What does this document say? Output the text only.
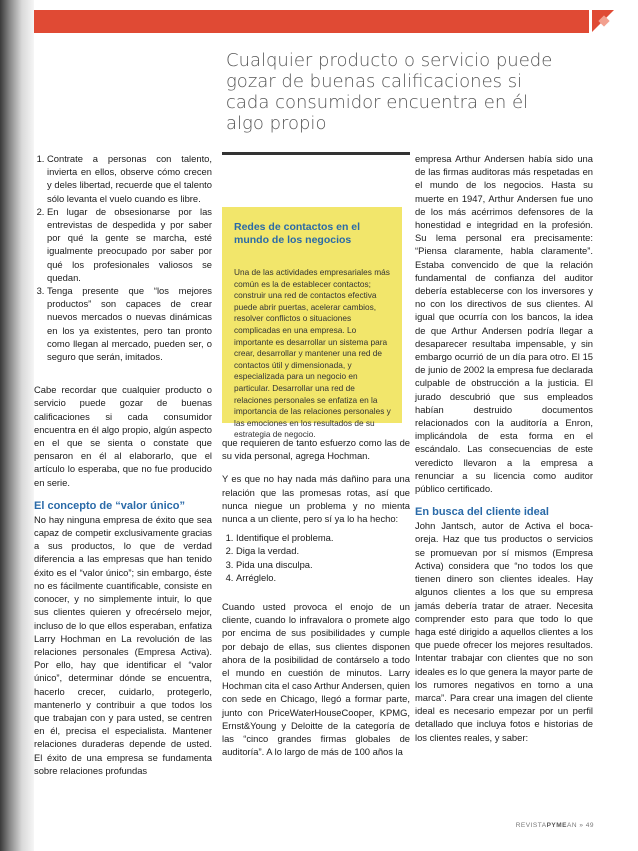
Cualquier producto o servicio puede gozar de buenas calificaciones si cada consumidor encuentra en él algo propio
1. Contrate a personas con talento, invierta en ellos, observe cómo crecen y deles libertad, recuerde que el talento sólo levanta el vuelo cuando es libre.
2. En lugar de obsesionarse por las entrevistas de despedida y por saber por qué la gente se marcha, esté igualmente preocupado por saber por qué los profesionales valiosos se quedan.
3. Tenga presente que “los mejores productos” son capaces de crear nuevos mercados o nuevas dinámicas en los ya existentes, pero tan pronto como llegan al mercado, pueden ser, o seguro que serán, imitados.

Cabe recordar que cualquier producto o servicio puede gozar de buenas calificaciones si cada consumidor encuentra en él algo propio, algún aspecto en el que se sienta o constate que pensaron en él al elaborarlo, que el artículo lo esperaba, que no fue producido en serie.

El concepto de “valor único”

No hay ninguna empresa de éxito que sea capaz de competir exclusivamente gracias a sus productos, lo que de verdad diferencia a las empresas que han tenido éxito es el “valor único”; sin embargo, éste no es fácilmente cuantificable, consiste en conocer, y no simplemente intuir, lo que sus clientes quieren y ofrecérselo mejor, incluso de lo que ellos esperaban, enfatiza Larry Hochman en La revolución de las relaciones personales (Empresa Activa). Por ello, hay que identificar el “valor único”, determinar dónde se encuentra, hacerlo crecer, cuidarlo, protegerlo, mantenerlo y contribuir a que todos los que trabajan con y para usted, se centren en él, precisa el especialista. Mantener relaciones duraderas depende de usted. El éxito de una empresa se fundamenta sobre relaciones profundas

Redes de contactos en el mundo de los negocios

Una de las actividades empresariales más común es la de establecer contactos; construir una red de contactos efectiva puede abrir puertas, acelerar cambios, resolver conflictos o situaciones complicadas en una empresa. Lo importante es desarrollar un sistema para crear, desarrollar y mantener una red de contactos útil y dimensionada, y especializada para un negocio en particular. Desarrollar una red de relaciones personales se enfatiza en la importancia de las relaciones personales y las emociones en los resultados de su estrategia de negocio.

que requieren de tanto esfuerzo como las de su vida personal, agrega Hochman.

Y es que no hay nada más dañino para una relación que las promesas rotas, así que nunca niegue un problema y no mienta nunca a un cliente, pero sí ya lo ha hecho:

1. Identifique el problema.
2. Diga la verdad.
3. Pida una disculpa.
4. Arréglelo.

Cuando usted provoca el enojo de un cliente, cuando lo infravalora o promete algo por encima de sus posibilidades y cumple por debajo de ellas, sus clientes disponen ahora de la posibilidad de contárselo a todo el mundo en cuestión de minutos. Larry Hochman cita el caso Arthur Andersen, quien con sede en Chicago, llegó a formar parte, junto con PriceWaterHouseCooper, KPMG, Ernst&Young y Deloitte de la categoría de las “cinco grandes firmas globales de auditoría”. A lo largo de más de 100 años la

empresa Arthur Andersen había sido una de las firmas auditoras más respetadas en el mundo de los negocios. Hasta su muerte en 1947, Arthur Andersen fue uno de los más acérrimos defensores de la honestidad e integridad en la profesión. Su lema personal era precisamente: “Piensa claramente, habla claramente”. Estaba convencido de que la relación fundamental de confianza del auditor debería establecerse con los inversores y no con los directivos de sus clientes. Al igual que ocurría con los bancos, la idea de que Arthur Andersen podría llegar a desaparecer resultaba impensable, y sin embargo ocurrió de un día para otro. El 15 de junio de 2002 la empresa fue declarada culpable de obstrucción a la justicia. El jurado descubrió que sus empleados habían destruido documentos relacionados con la auditoría a Enron, implicándola de esta forma en el escándalo. Las consecuencias de este veredicto llevaron a la empresa a renunciar a su licencia como auditor público certificado.

En busca del cliente ideal

John Jantsch, autor de Activa el boca-oreja. Haz que tus productos o servicios se promuevan por sí mismos (Empresa Activa) considera que “no todos los que tienen dinero son clientes ideales. Hay algunos clientes a los que su empresa jamás debería tratar de atraer. Necesita comprender esto para que todo lo que haga esté dirigido a aquellos clientes a los que puede ofrecer los mejores resultados. Intentar trabajar con clientes que no son ideales es lo que genera la mayor parte de los rumores negativos en torno a una marca”. Para crear una imagen del cliente ideal es necesario empezar por un perfil detallado que incluya fotos e historias de los clientes reales, y saber:

REVISTAPYMEAN » 49
